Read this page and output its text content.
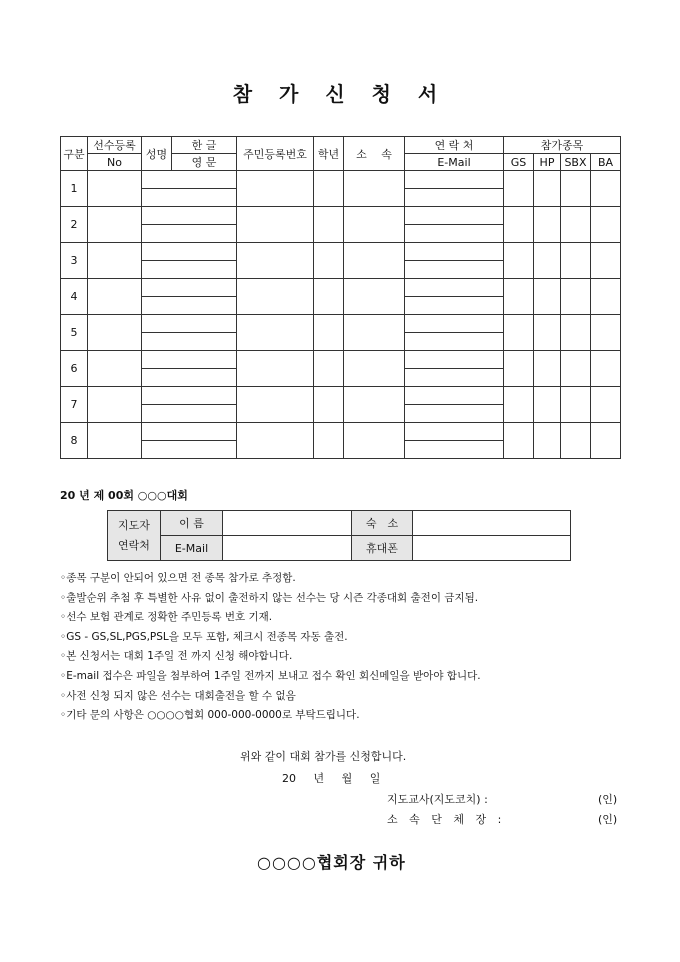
참 가 신 청 서
구분	선수등록	성명	한 글	주민등록번호	학년	소　 속	연 락 처	참가종목			
	No		영 문				E-Mail	GS	HP	SBX	BA
1											

2											

3											

4											

5											

6											

7											

8											

20 년 제 00회 ○○○대회
지도자 연락처	이 름		숙　소	
	E-Mail		휴대폰	
◦종목 구분이 안되어 있으면 전 종목 참가로 추정함.
◦출발순위 추첨 후 특별한 사유 없이 출전하지 않는 선수는 당 시즌 각종대회 출전이 금지됨.
◦선수 보험 관계로 정확한 주민등록 번호 기재.
◦GS - GS,SL,PGS,PSL을 모두 포함, 체크시 전종목 자동 출전.
◦본 신청서는 대회 1주일 전 까지 신청 해야합니다.
◦E-mail 접수은 파일을 첨부하여 1주일 전까지 보내고 접수 확인 회신메일을 받아야 합니다.
◦사전 신청 되지 않은 선수는 대회출전을 할 수 없음
◦기타 문의 사항은 ○○○○협회 000-000-0000로 부탁드립니다.
위와 같이 대회 참가를 신청합니다.
20 년 월 일
지도교사(지도코치) :	(인)
소 속 단 체 장 :	(인)
○○○○협회장 귀하
